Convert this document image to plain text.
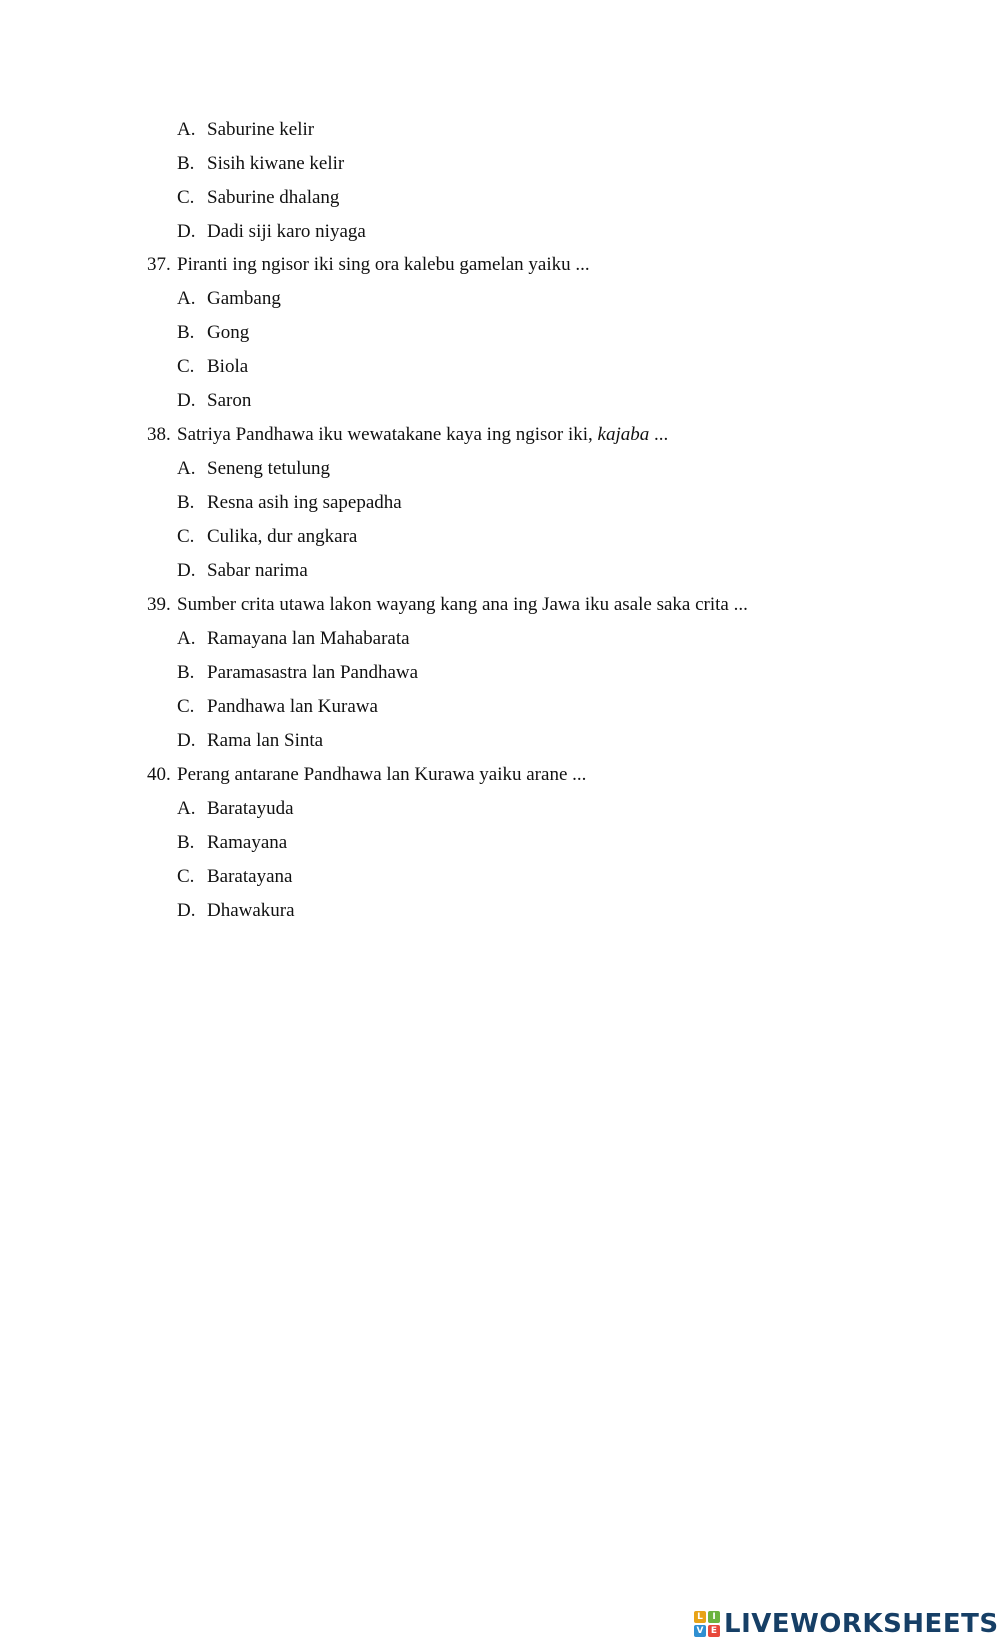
A. Saburine kelir
B. Sisih kiwane kelir
C. Saburine dhalang
D. Dadi siji karo niyaga
37. Piranti ing ngisor iki sing ora kalebu gamelan yaiku ...
A. Gambang
B. Gong
C. Biola
D. Saron
38. Satriya Pandhawa iku wewatakane kaya ing ngisor iki, kajaba ...
A. Seneng tetulung
B. Resna asih ing sapepadha
C. Culika, dur angkara
D. Sabar narima
39. Sumber crita utawa lakon wayang kang ana ing Jawa iku asale saka crita ...
A. Ramayana lan Mahabarata
B. Paramasastra lan Pandhawa
C. Pandhawa lan Kurawa
D. Rama lan Sinta
40. Perang antarane Pandhawa lan Kurawa yaiku arane ...
A. Baratayuda
B. Ramayana
C. Baratayana
D. Dhawakura
L	I
V E LIVEWORKSHEETS
